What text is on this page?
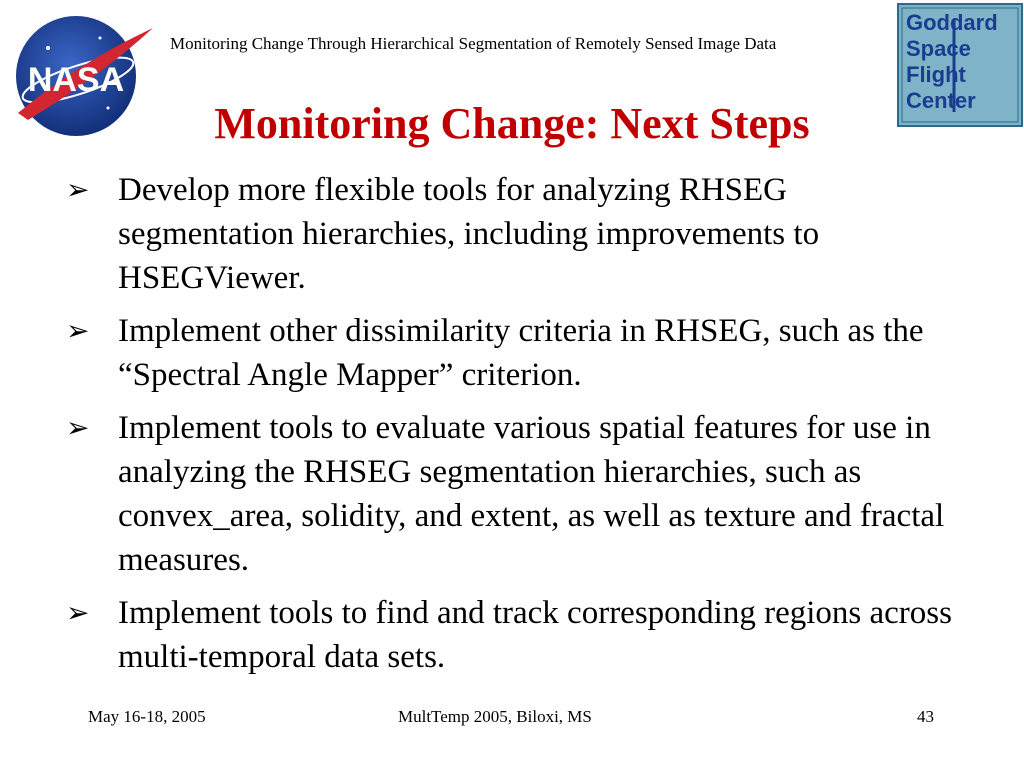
NASA
Monitoring Change Through Hierarchical Segmentation of Remotely Sensed Image Data
Goddard
Space
Flight
Center
Monitoring Change: Next Steps
➢ Develop more flexible tools for analyzing RHSEG segmentation hierarchies, including improvements to HSEGViewer.
➢ Implement other dissimilarity criteria in RHSEG, such as the “Spectral Angle Mapper” criterion.
➢ Implement tools to evaluate various spatial features for use in analyzing the RHSEG segmentation hierarchies, such as convex_area, solidity, and extent, as well as texture and fractal measures.
➢ Implement tools to find and track corresponding regions across multi-temporal data sets.
May 16-18, 2005	MultTemp 2005, Biloxi, MS	43
